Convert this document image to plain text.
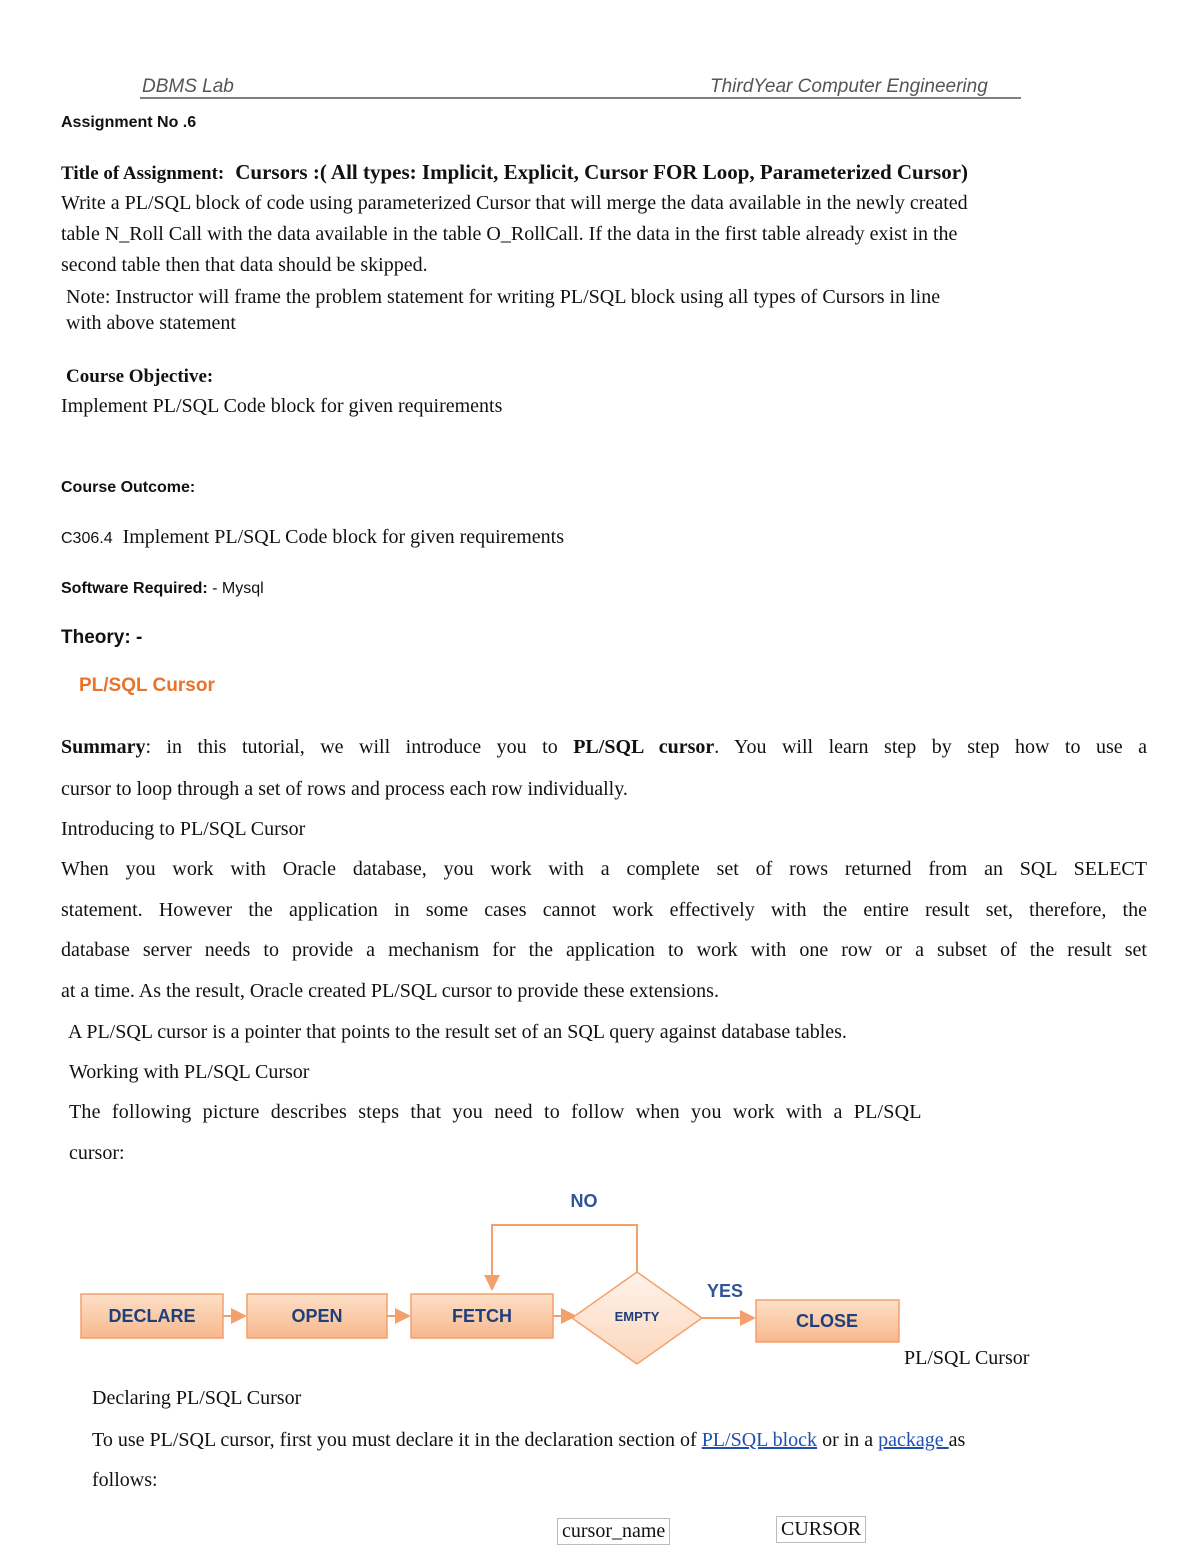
DBMS Lab	ThirdYear Computer Engineering
Assignment No .6
Title of Assignment: Cursors :( All types: Implicit, Explicit, Cursor FOR Loop, Parameterized Cursor)
Write a PL/SQL block of code using parameterized Cursor that will merge the data available in the newly created
table N_Roll Call with the data available in the table O_RollCall. If the data in the first table already exist in the
second table then that data should be skipped.
Note: Instructor will frame the problem statement for writing PL/SQL block using all types of Cursors in line
with above statement
Course Objective:
Implement PL/SQL Code block for given requirements
Course Outcome:
C306.4 Implement PL/SQL Code block for given requirements
Software Required: - Mysql
Theory: -
PL/SQL Cursor
Summary: in this tutorial, we will introduce you to PL/SQL cursor. You will learn step by step how to use a
cursor to loop through a set of rows and process each row individually.
Introducing to PL/SQL Cursor
When you work with Oracle database, you work with a complete set of rows returned from an SQL SELECT
statement. However the application in some cases cannot work effectively with the entire result set, therefore, the
database server needs to provide a mechanism for the application to work with one row or a subset of the result set
at a time. As the result, Oracle created PL/SQL cursor to provide these extensions.
A PL/SQL cursor is a pointer that points to the result set of an SQL query against database tables.
Working with PL/SQL Cursor
The following picture describes steps that you need to follow when you work with a PL/SQL
cursor:
DECLARE	OPEN	FETCH	EMPTY	CLOSE
NO
YES
PL/SQL Cursor
Declaring PL/SQL Cursor
To use PL/SQL cursor, first you must declare it in the declaration section of PL/SQL block or in a package as
follows:
cursor_name	CURSOR
